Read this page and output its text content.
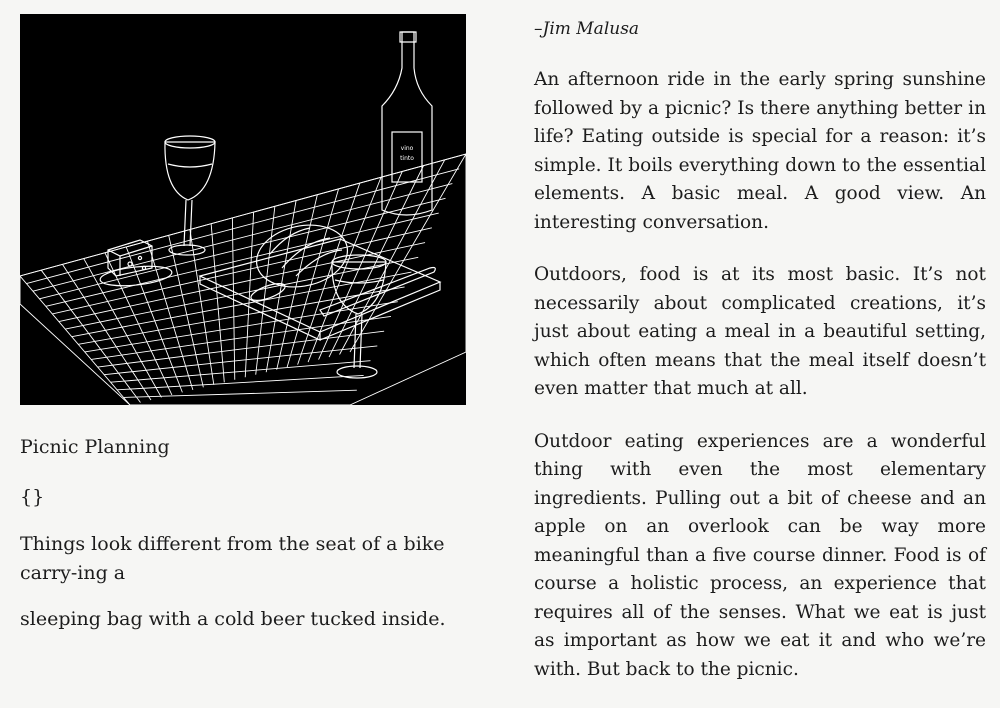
vino
tinto
Picnic Planning
{}

Things look different from the seat of a bike carry-ing a

sleeping bag with a cold beer tucked inside.

–Jim Malusa

An afternoon ride in the early spring sunshine followed by a picnic? Is there anything better in life? Eating outside is special for a reason: it’s simple. It boils everything down to the essential elements. A basic meal. A good view. An interesting conversation.

Outdoors, food is at its most basic. It’s not necessarily about complicated creations, it’s just about eating a meal in a beautiful setting, which often means that the meal itself doesn’t even matter that much at all.

Outdoor eating experiences are a wonderful thing with even the most elementary ingredients. Pulling out a bit of cheese and an apple on an overlook can be way more meaningful than a five course dinner. Food is of course a holistic process, an experience that requires all of the senses. What we eat is just as important as how we eat it and who we’re with. But back to the picnic.
